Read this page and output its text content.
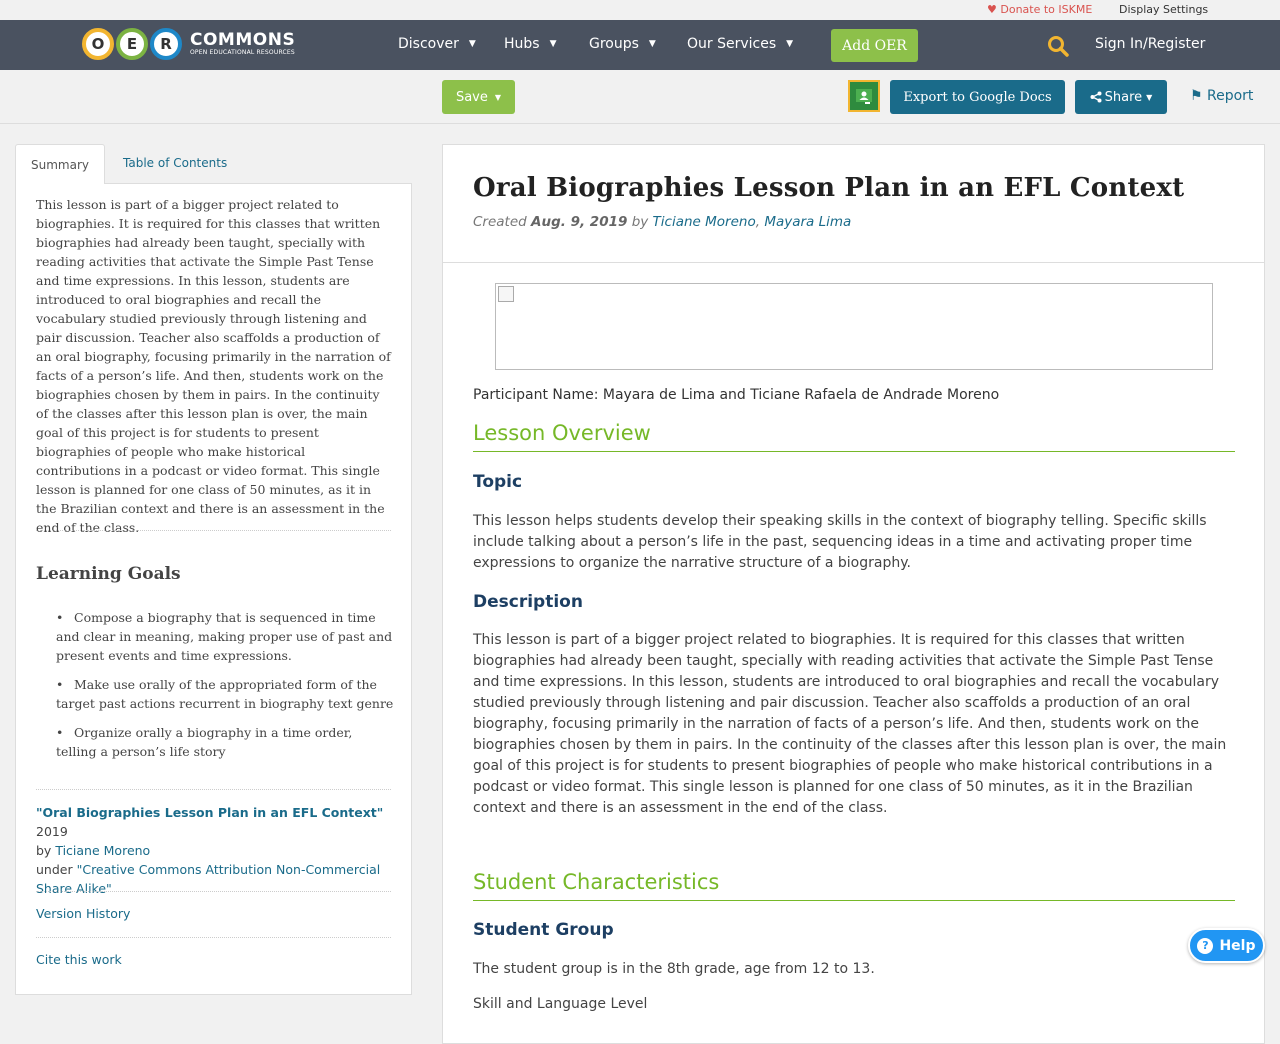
♥ Donate to ISKME Display Settings
O	E	R	COMMONS
OPEN EDUCATIONAL RESOURCES
Discover ▼ Hubs ▼ Groups ▼ Our Services ▼	Add OER	Sign In/Register
Save ▼	Export to Google Docs	Share ▼	⚑ Report
Summary	Table of Contents

This lesson is part of a bigger project related to biographies. It is required for this classes that written biographies had already been taught, specially with reading activities that activate the Simple Past Tense and time expressions. In this lesson, students are introduced to oral biographies and recall the vocabulary studied previously through listening and pair discussion. Teacher also scaffolds a production of an oral biography, focusing primarily in the narration of facts of a person’s life. And then, students work on the biographies chosen by them in pairs. In the continuity of the classes after this lesson plan is over, the main goal of this project is for students to present biographies of people who make historical contributions in a podcast or video format. This single lesson is planned for one class of 50 minutes, as it in the Brazilian context and there is an assessment in the end of the class.

Learning Goals
• Compose a biography that is sequenced in time and clear in meaning, making proper use of past and present events and time expressions.
• Make use orally of the appropriated form of the target past actions recurrent in biography text genre
• Organize orally a biography in a time order, telling a person’s life story
"Oral Biographies Lesson Plan in an EFL Context" 2019
by Ticiane Moreno
under "Creative Commons Attribution Non-Commercial Share Alike"
Version History
Cite this work
Oral Biographies Lesson Plan in an EFL Context
Created Aug. 9, 2019 by Ticiane Moreno, Mayara Lima

Participant Name: Mayara de Lima and Ticiane Rafaela de Andrade Moreno

Lesson Overview
Topic

This lesson helps students develop their speaking skills in the context of biography telling. Specific skills include talking about a person’s life in the past, sequencing ideas in a time and activating proper time expressions to organize the narrative structure of a biography.

Description

This lesson is part of a bigger project related to biographies. It is required for this classes that written biographies had already been taught, specially with reading activities that activate the Simple Past Tense and time expressions. In this lesson, students are introduced to oral biographies and recall the vocabulary studied previously through listening and pair discussion. Teacher also scaffolds a production of an oral biography, focusing primarily in the narration of facts of a person’s life. And then, students work on the biographies chosen by them in pairs. In the continuity of the classes after this lesson plan is over, the main goal of this project is for students to present biographies of people who make historical contributions in a podcast or video format. This single lesson is planned for one class of 50 minutes, as it in the Brazilian context and there is an assessment in the end of the class.

Student Characteristics
Student Group

The student group is in the 8th grade, age from 12 to 13.

Skill and Language Level

? Help
